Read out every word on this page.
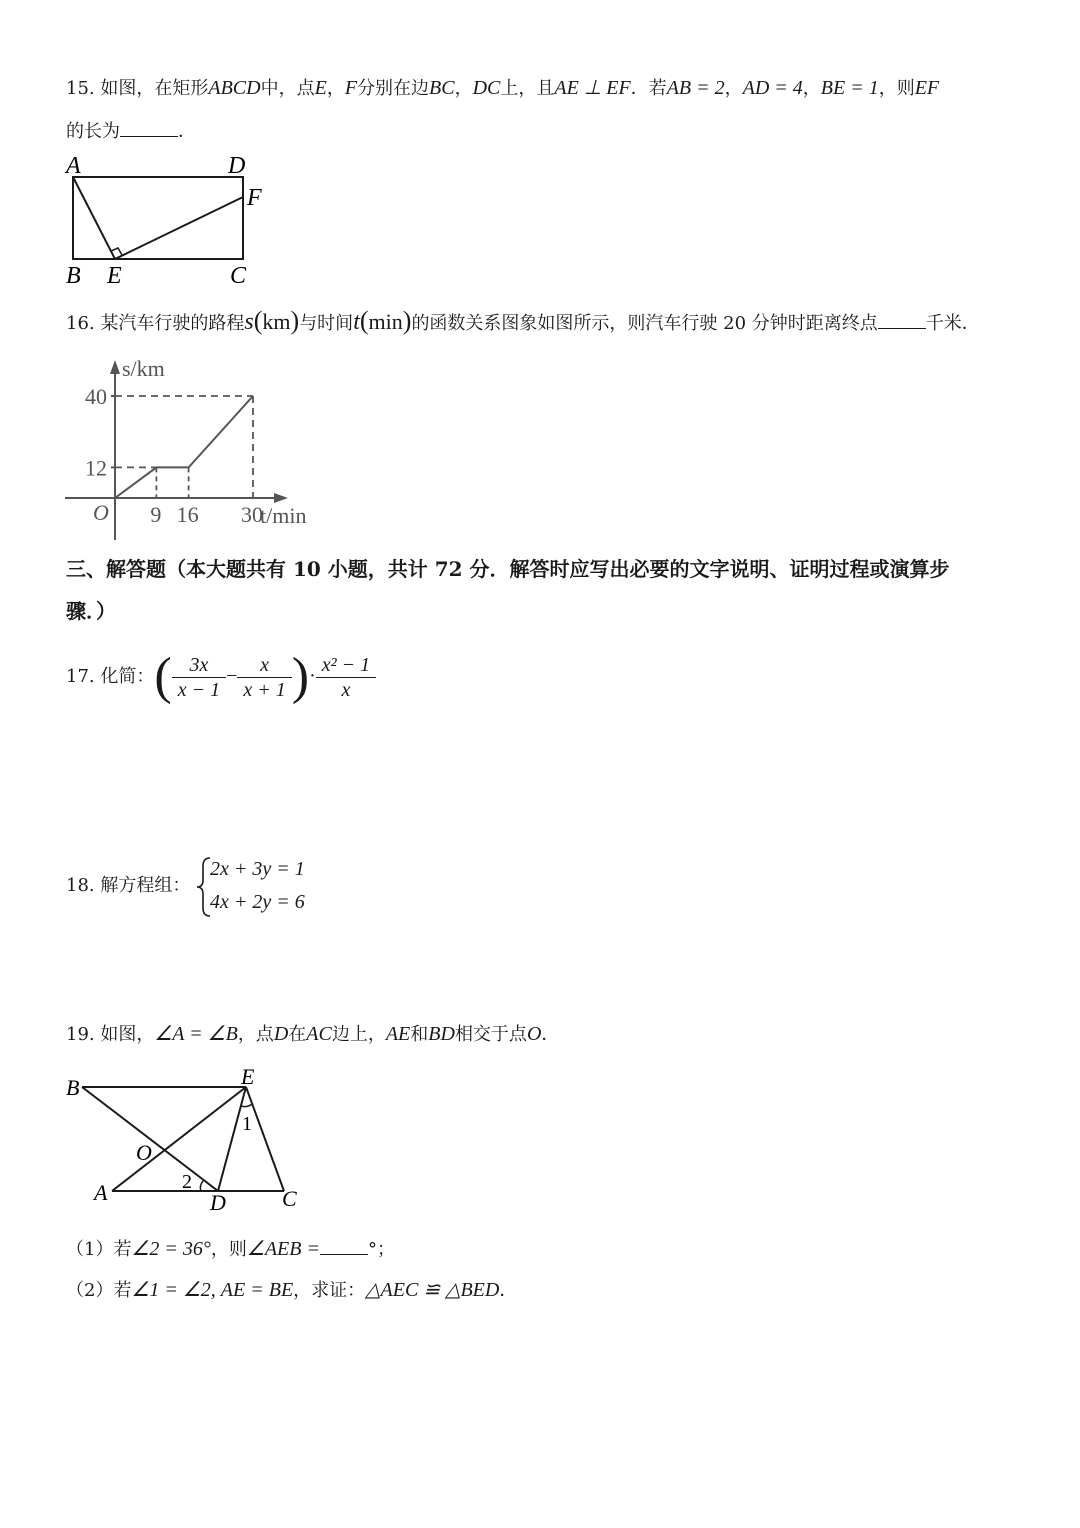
15. 如图，在矩形ABCD中，点E，F分别在边BC，DC上，且AE ⊥ EF．若AB = 2，AD = 4，BE = 1，则EF
的长为	．
A	D
F
B E	C
16. 某汽车行驶的路程s(km)与时间t(min)的函数关系图象如图所示，则汽车行驶 20 分钟时距离终点	千米．
s/km
t/min
O
12
40
9 16 30
三、解答题（本大题共有 10 小题，共计 72 分．解答时应写出必要的文字说明、证明过程或演算步
骤．）
17. 化简：( $\frac{3x}{x - 1} - \frac{x}{x + 1}$ )· $\frac{\text{x² − 1}}{x}$
18. 解方程组：
2x + 3y = 1
4x + 2y = 6
19. 如图，∠A = ∠B，点D在AC边上，AE和BD相交于点O．
B	E
O
A	D	C
1
2
（1）若∠2 = 36°，则∠AEB =	°；
（2）若∠1 = ∠2, AE = BE，求证：△AEC ≌ △BED．
